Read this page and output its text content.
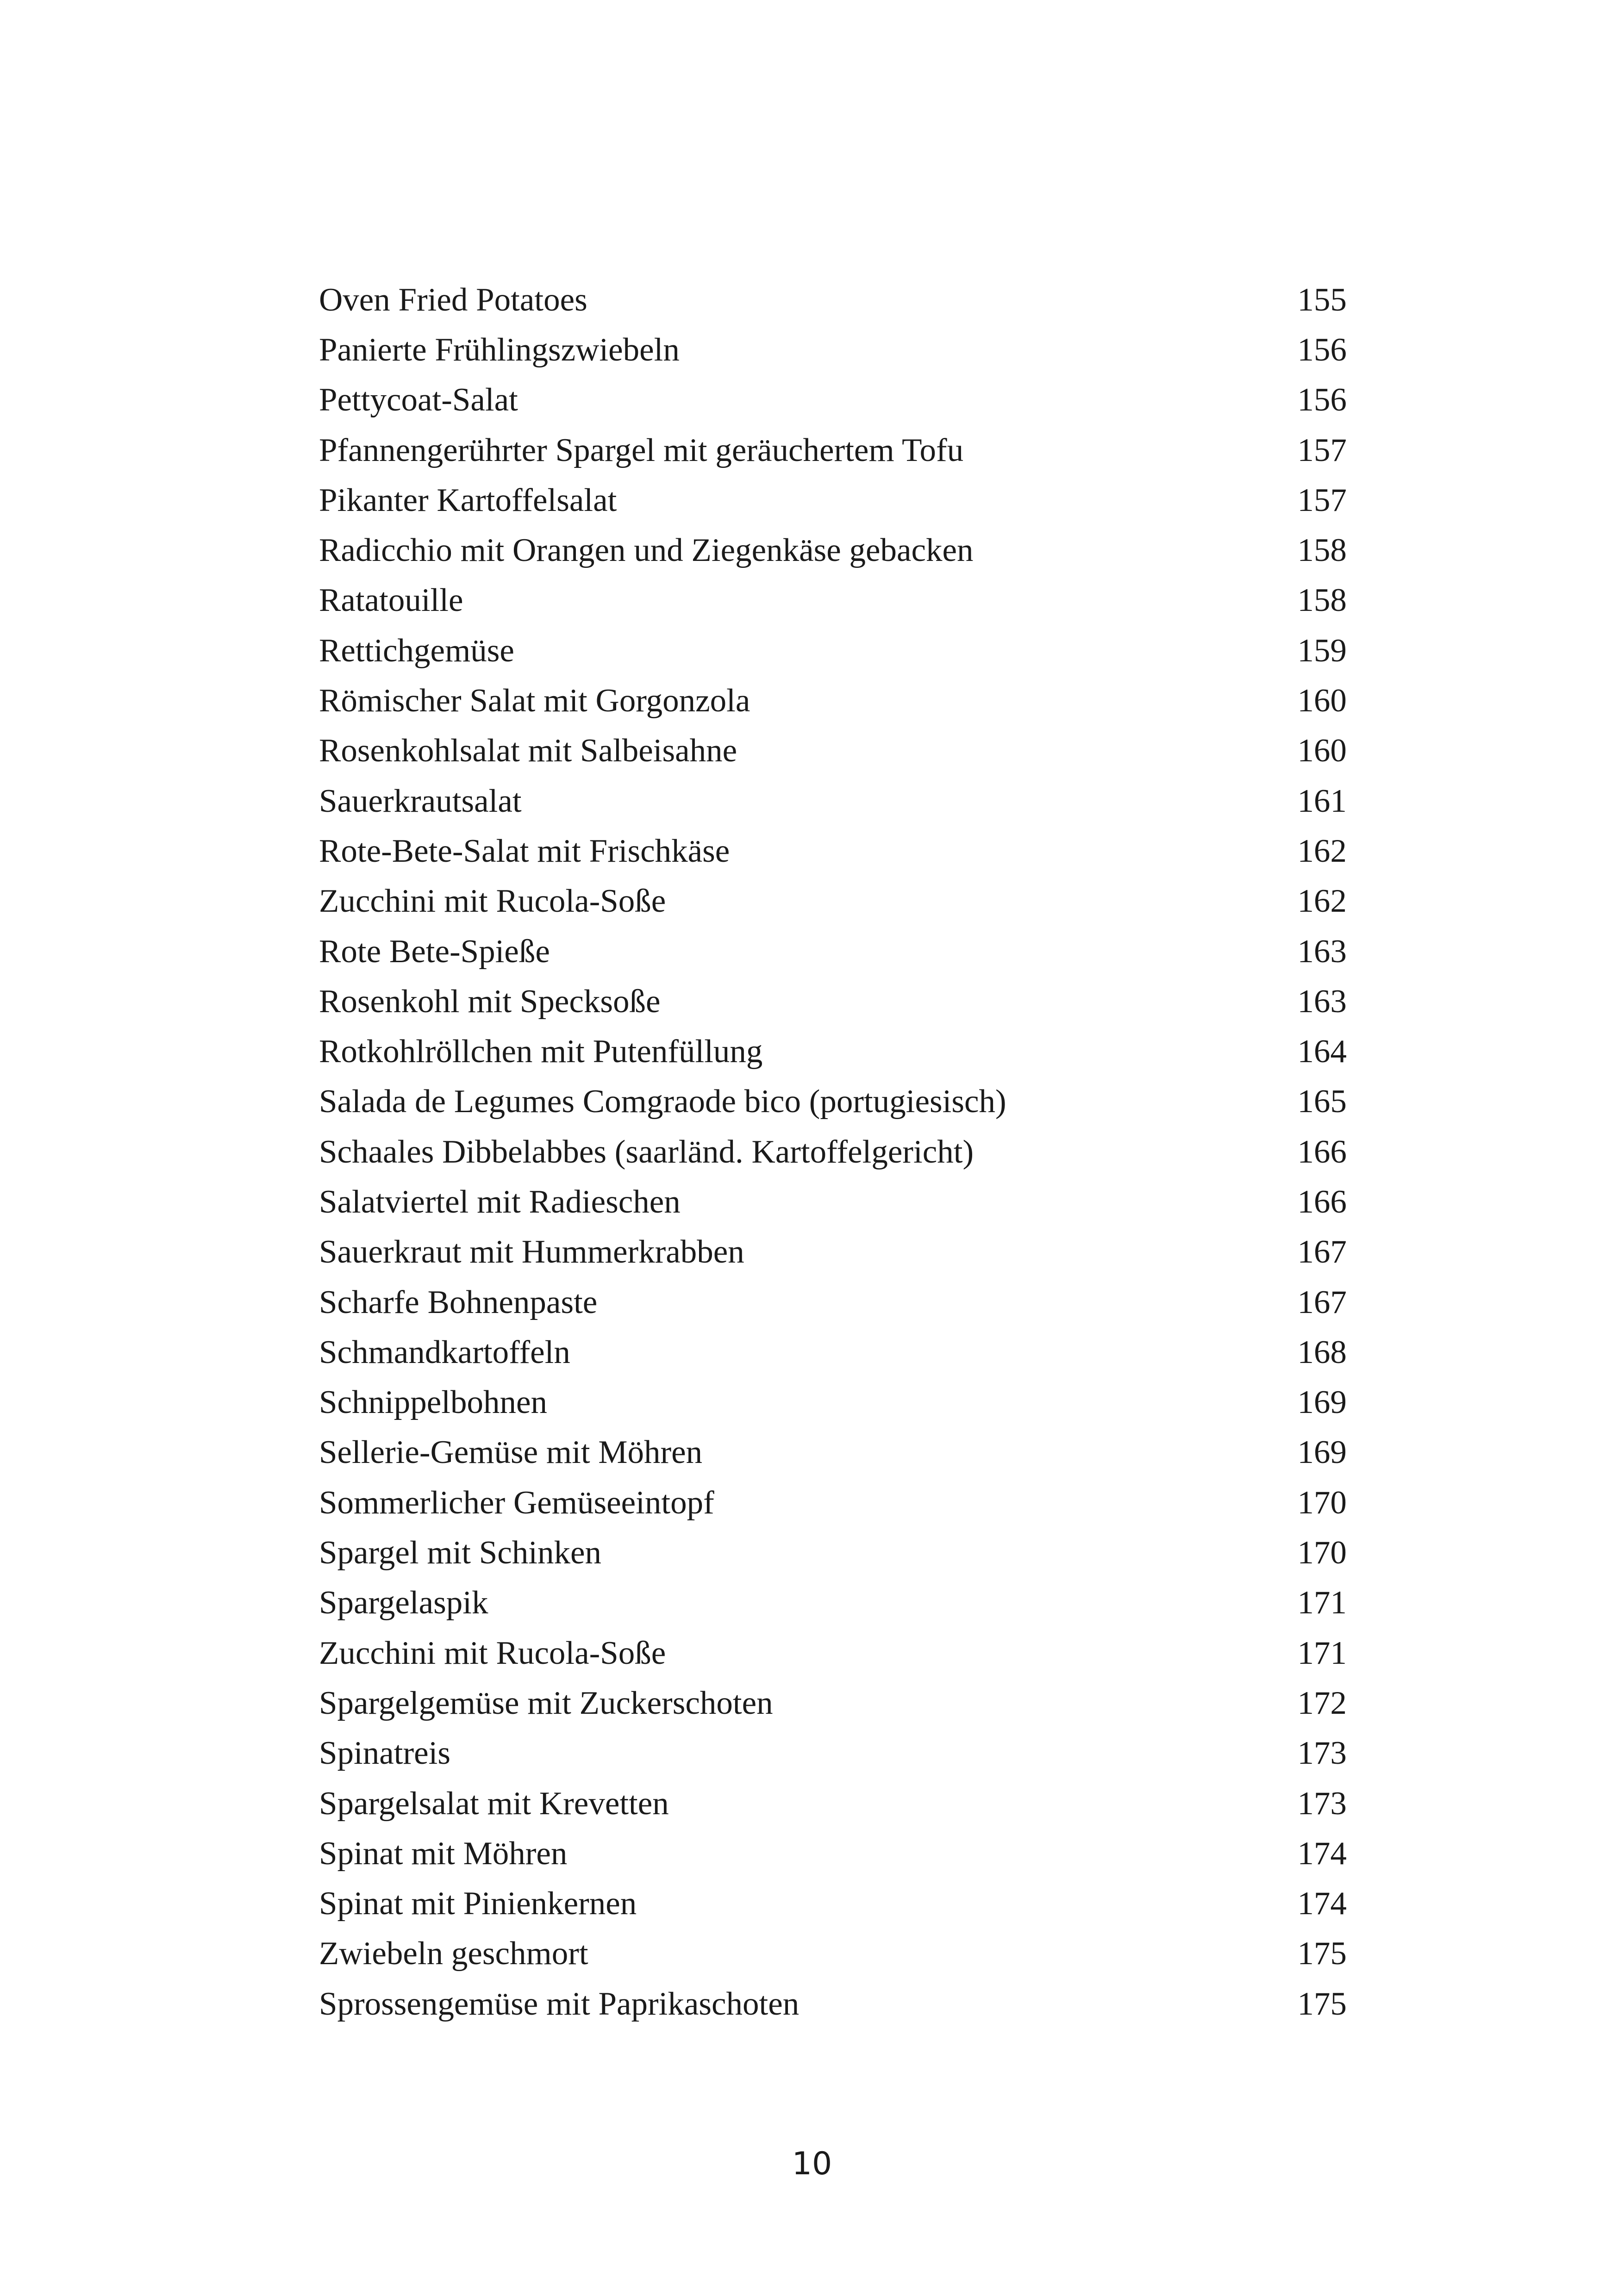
Oven Fried Potatoes	155
Panierte Frühlingszwiebeln	156
Pettycoat-Salat	156
Pfannengerührter Spargel mit geräuchertem Tofu	157
Pikanter Kartoffelsalat	157
Radicchio mit Orangen und Ziegenkäse gebacken	158
Ratatouille	158
Rettichgemüse	159
Römischer Salat mit Gorgonzola	160
Rosenkohlsalat mit Salbeisahne	160
Sauerkrautsalat	161
Rote-Bete-Salat mit Frischkäse	162
Zucchini mit Rucola-Soße	162
Rote Bete-Spieße	163
Rosenkohl mit Specksoße	163
Rotkohlröllchen mit Putenfüllung	164
Salada de Legumes Comgraode bico (portugiesisch)	165
Schaales Dibbelabbes (saarländ. Kartoffelgericht)	166
Salatviertel mit Radieschen	166
Sauerkraut mit Hummerkrabben	167
Scharfe Bohnenpaste	167
Schmandkartoffeln	168
Schnippelbohnen	169
Sellerie-Gemüse mit Möhren	169
Sommerlicher Gemüseeintopf	170
Spargel mit Schinken	170
Spargelaspik	171
Zucchini mit Rucola-Soße	171
Spargelgemüse mit Zuckerschoten	172
Spinatreis	173
Spargelsalat mit Krevetten	173
Spinat mit Möhren	174
Spinat mit Pinienkernen	174
Zwiebeln geschmort	175
Sprossengemüse mit Paprikaschoten	175
10
